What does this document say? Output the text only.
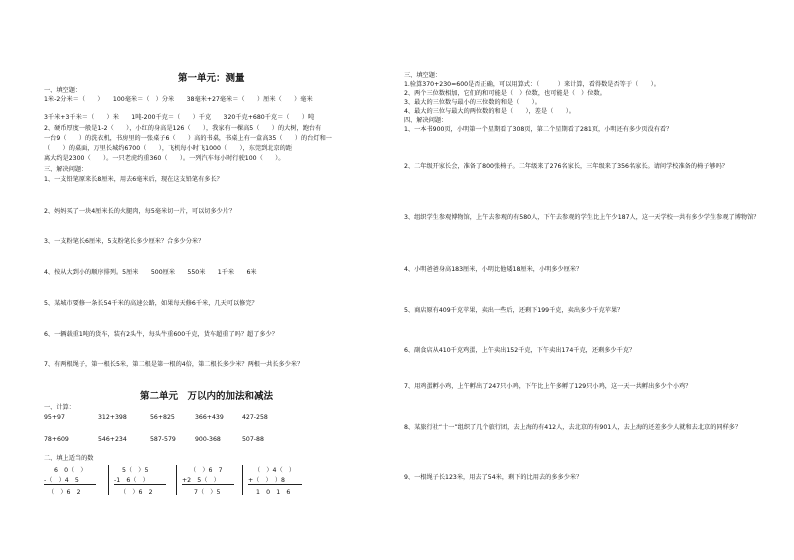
第一单元：测量
一、填空题：
1米-2分米＝（　　）　　100毫米＝（　）分米　　38毫米+27毫米＝（　　）厘米（　　）毫米
3千米+3千米＝（　　）米　　1吨-200千克＝（　　）千克　　320千克+680千克＝（　　）吨
2、硬币厚度一般是1-2（　　），小红的身高是126（　　），我家有一棵高5（　　）的大树，跑台有
一台9（　　）的洗衣机，书房里的一张桌子6（　　）高的书桌，书桌上有一盒高35（　　）的台灯和一
（　　）的桌面，万里长城约6700（　　），飞机每小时飞1000（　　），东莞到北京的距
离大约是2300（　　）。一只老虎约重360（　　）。一列汽车每小时行驶100（　　）。
三、解决问题：
1、一支铅笔原来长8厘米，用去6毫米后，现在这支铅笔有多长？
2、妈妈买了一块4厘米长的火腿肉，每5毫米切一片，可以切多少片？
3、一支粉笔长6厘米，5支粉笔长多少厘米？合多少分米？
4、按从大到小的顺序排列。5厘米　　500厘米　　550米　　1千米　　6米
5、某城市要修一条长54千米的高速公路，如果每天修6千米，几天可以修完？
6、一辆载重1吨的货车，装有2头牛，每头牛重600千克，货车超重了吗？超了多少？
7、有两根绳子，第一根长5米，第二根是第一根的4倍，第二根长多少米？两根一共长多少米？
第二单元　万以内的加法和减法
一、计算：
95+97	312+398	56+825	366+439	427-258
78+609	546+234	587-579	900-368	507-88
二、填上适当的数
6　0（　）
-（　）4　5
（　）6　2
5（　）5
-1　6（　）
（　）6　2
（　）6　7
+2　5（　）
7（　）5
（　）4（　）
+（　）　）8
1　0　1　6
三、填空题：
1.验算370+230=600是否正确，可以用算式：（　　　）来计算，看得数是否等于（　　）。
2、两个三位数相加，它们的和可能是（　）位数，也可能是（　）位数。
3、最大的三位数与最小的三位数的和是（　　）。
4、最大的三位与最大的两位数的和是（　　），差是（　　）。
四、解决问题：
1、一本书900页，小明第一个星期看了308页，第二个星期看了281页，小明还有多少页没有看？
2、二年级开家长会，准备了800张椅子。二年级来了276名家长，三年级来了356名家长。请问学校准备的椅子够吗？
3、组织学生参观博物馆，上午去参观的有580人，下午去参观的学生比上午少187人，这一天学校一共有多少学生参观了博物馆？
4、小明爸爸身高183厘米，小明比他矮18厘米，小明多少厘米？
5、商店原有409千克苹果，卖出一些后，还剩下199千克，卖出多少千克苹果？
6、副食店从410千克鸡蛋，上午卖出152千克，下午卖出174千克，还剩多少千克？
7、用鸡蛋孵小鸡，上午孵出了247只小鸡，下午比上午多孵了129只小鸡，这一天一共孵出多少个小鸡？
8、某旅行社“十一”组织了几个旅行团，去上海的有412人，去北京的有901人，去上海的还差多少人就和去北京的同样多？
9、一根绳子长123米，用去了54米，剩下的比用去的多多少米？
